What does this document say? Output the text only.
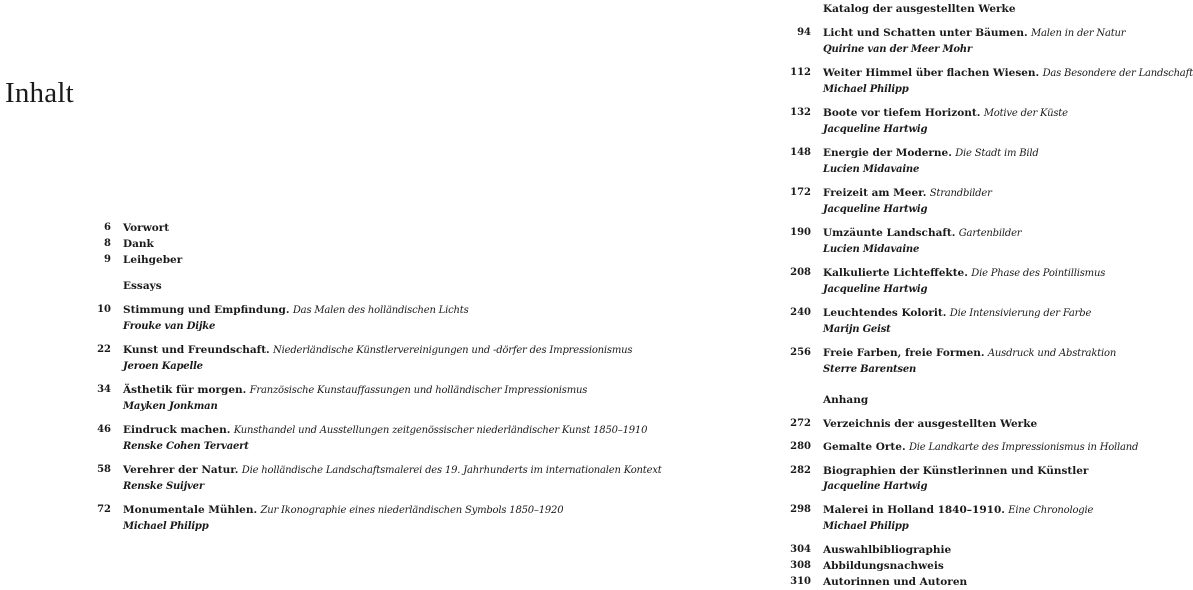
Inhalt
6	Vorwort
8	Dank
9	Leihgeber
Essays
10	Stimmung und Empfindung. Das Malen des holländischen Lichts
Frouke van Dijke
22	Kunst und Freundschaft. Niederländische Künstlervereinigungen und -dörfer des Impressionismus
Jeroen Kapelle
34	Ästhetik für morgen. Französische Kunstauffassungen und holländischer Impressionismus
Mayken Jonkman
46	Eindruck machen. Kunsthandel und Ausstellungen zeitgenössischer niederländischer Kunst 1850–1910
Renske Cohen Tervaert
58	Verehrer der Natur. Die holländische Landschaftsmalerei des 19. Jahrhunderts im internationalen Kontext
Renske Suijver
72	Monumentale Mühlen. Zur Ikonographie eines niederländischen Symbols 1850–1920
Michael Philipp
Katalog der ausgestellten Werke
94	Licht und Schatten unter Bäumen. Malen in der Natur
Quirine van der Meer Mohr
112	Weiter Himmel über flachen Wiesen. Das Besondere der Landschaft
Michael Philipp
132	Boote vor tiefem Horizont. Motive der Küste
Jacqueline Hartwig
148	Energie der Moderne. Die Stadt im Bild
Lucien Midavaine
172	Freizeit am Meer. Strandbilder
Jacqueline Hartwig
190	Umzäunte Landschaft. Gartenbilder
Lucien Midavaine
208	Kalkulierte Lichteffekte. Die Phase des Pointillismus
Jacqueline Hartwig
240	Leuchtendes Kolorit. Die Intensivierung der Farbe
Marijn Geist
256	Freie Farben, freie Formen. Ausdruck und Abstraktion
Sterre Barentsen
Anhang
272	Verzeichnis der ausgestellten Werke
280	Gemalte Orte. Die Landkarte des Impressionismus in Holland
282	Biographien der Künstlerinnen und Künstler
Jacqueline Hartwig
298	Malerei in Holland 1840–1910. Eine Chronologie
Michael Philipp
304	Auswahlbibliographie
308	Abbildungsnachweis
310	Autorinnen und Autoren
